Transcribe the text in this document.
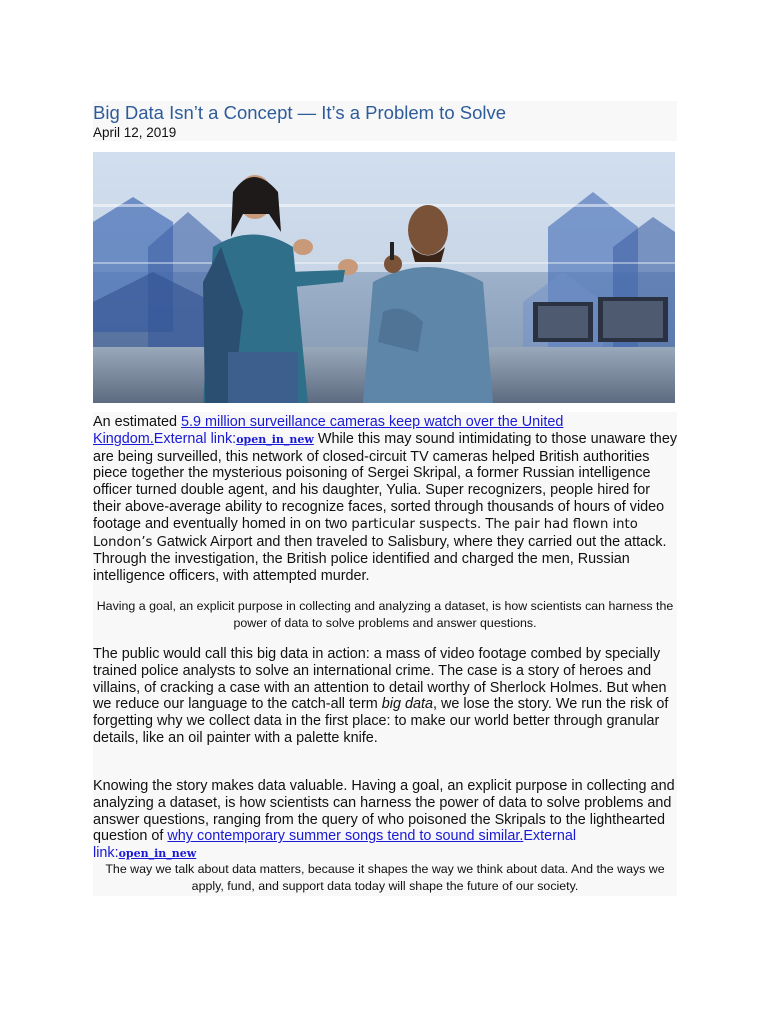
Big Data Isn’t a Concept — It’s a Problem to Solve
April 12, 2019

An estimated 5.9 million surveillance cameras keep watch over the United Kingdom.External link:open_in_new While this may sound intimidating to those unaware they are being surveilled, this network of closed-circuit TV cameras helped British authorities piece together the mysterious poisoning of Sergei Skripal, a former Russian intelligence officer turned double agent, and his daughter, Yulia. Super recognizers, people hired for their above-average ability to recognize faces, sorted through thousands of hours of video footage and eventually homed in on two particular suspects. The pair had flown into London’s Gatwick Airport and then traveled to Salisbury, where they carried out the attack. Through the investigation, the British police identified and charged the men, Russian intelligence officers, with attempted murder.

Having a goal, an explicit purpose in collecting and analyzing a dataset, is how scientists can harness the power of data to solve problems and answer questions.

The public would call this big data in action: a mass of video footage combed by specially trained police analysts to solve an international crime. The case is a story of heroes and villains, of cracking a case with an attention to detail worthy of Sherlock Holmes. But when we reduce our language to the catch-all term big data, we lose the story. We run the risk of forgetting why we collect data in the first place: to make our world better through granular details, like an oil painter with a palette knife.

Knowing the story makes data valuable. Having a goal, an explicit purpose in collecting and analyzing a dataset, is how scientists can harness the power of data to solve problems and answer questions, ranging from the query of who poisoned the Skripals to the lighthearted question of why contemporary summer songs tend to sound similar.External link:open_in_new

The way we talk about data matters, because it shapes the way we think about data. And the ways we apply, fund, and support data today will shape the future of our society.
